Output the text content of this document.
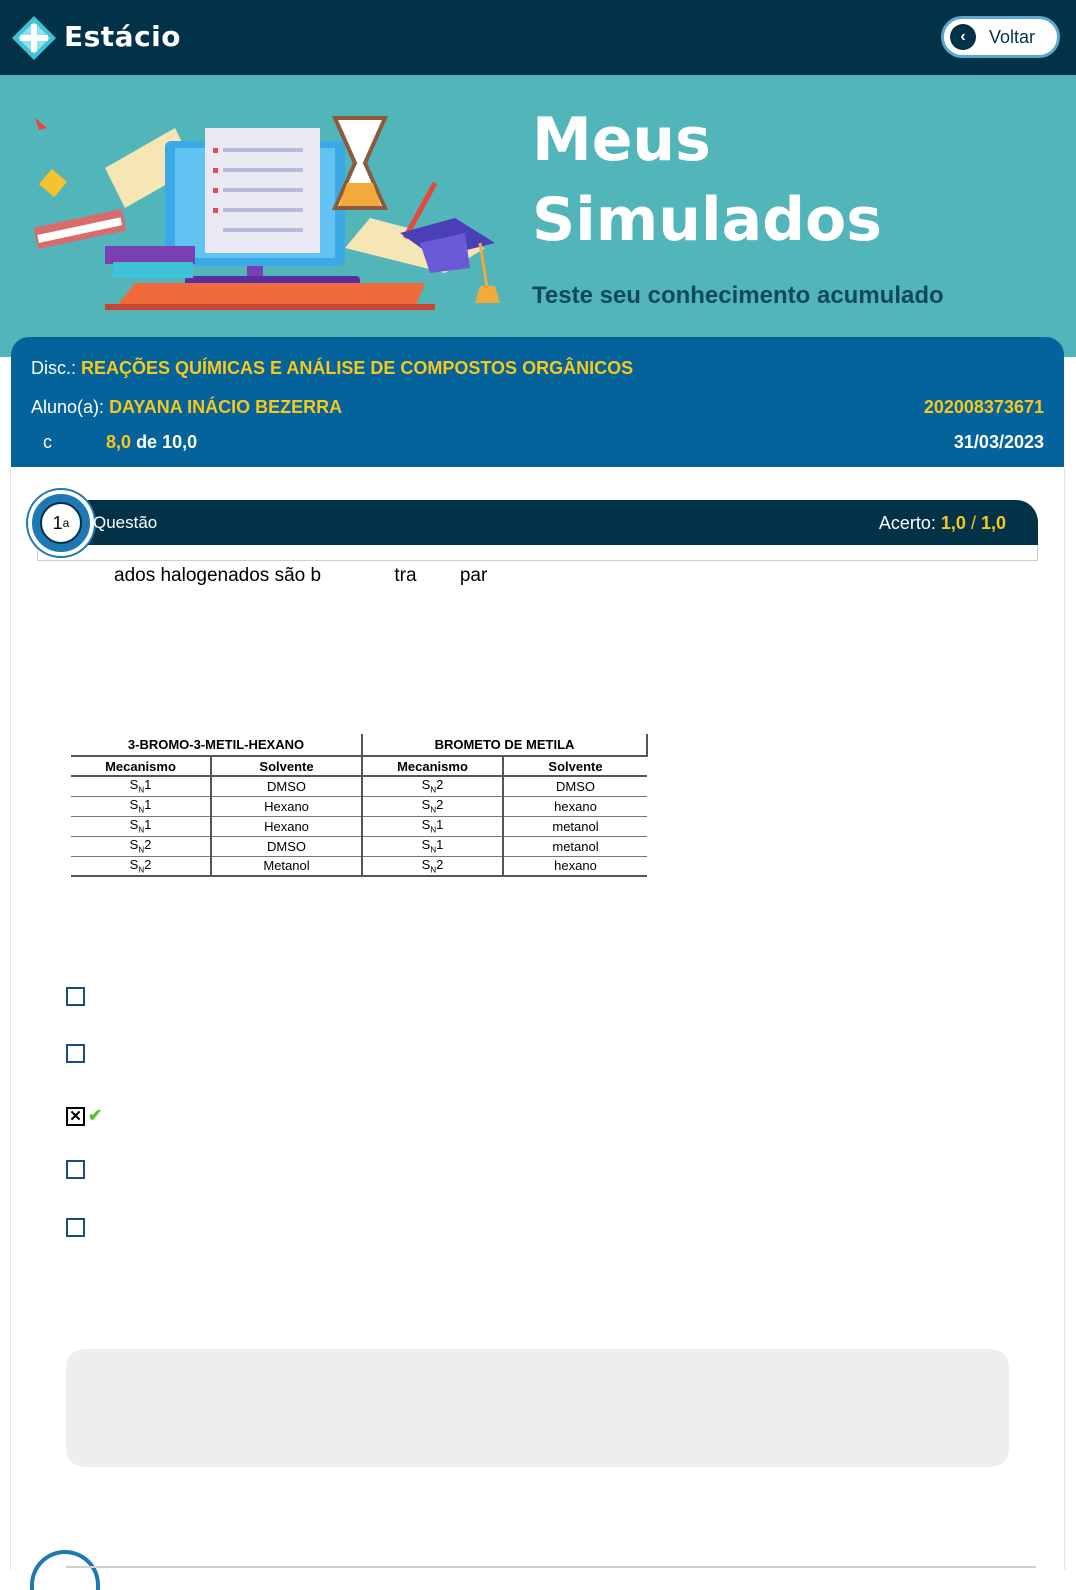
Estácio	‹	Voltar
Meus Simulados
Teste seu conhecimento acumulado
Disc.: REAÇÕES QUÍMICAS E ANÁLISE DE COMPOSTOS ORGÂNICOS
Aluno(a): DAYANA INÁCIO BEZERRA	202008373671
c	8,0 de 10,0	31/03/2023
1 a Questão	Acerto: 1,0 / 1,0
ados halogenados são b	tra par
3-BROMO-3-METIL-HEXANO		BROMETO DE METILA	
Mecanismo	Solvente	Mecanismo	Solvente
$S_N1$	DMSO	$S_N2$	DMSO
$S_N1$	Hexano	$S_N2$	hexano
$S_N1$	Hexano	$S_N1$	metanol
$S_N2$	DMSO	$S_N1$	metanol
$S_N2$	Metanol	$S_N2$	hexano
✕ ✔
